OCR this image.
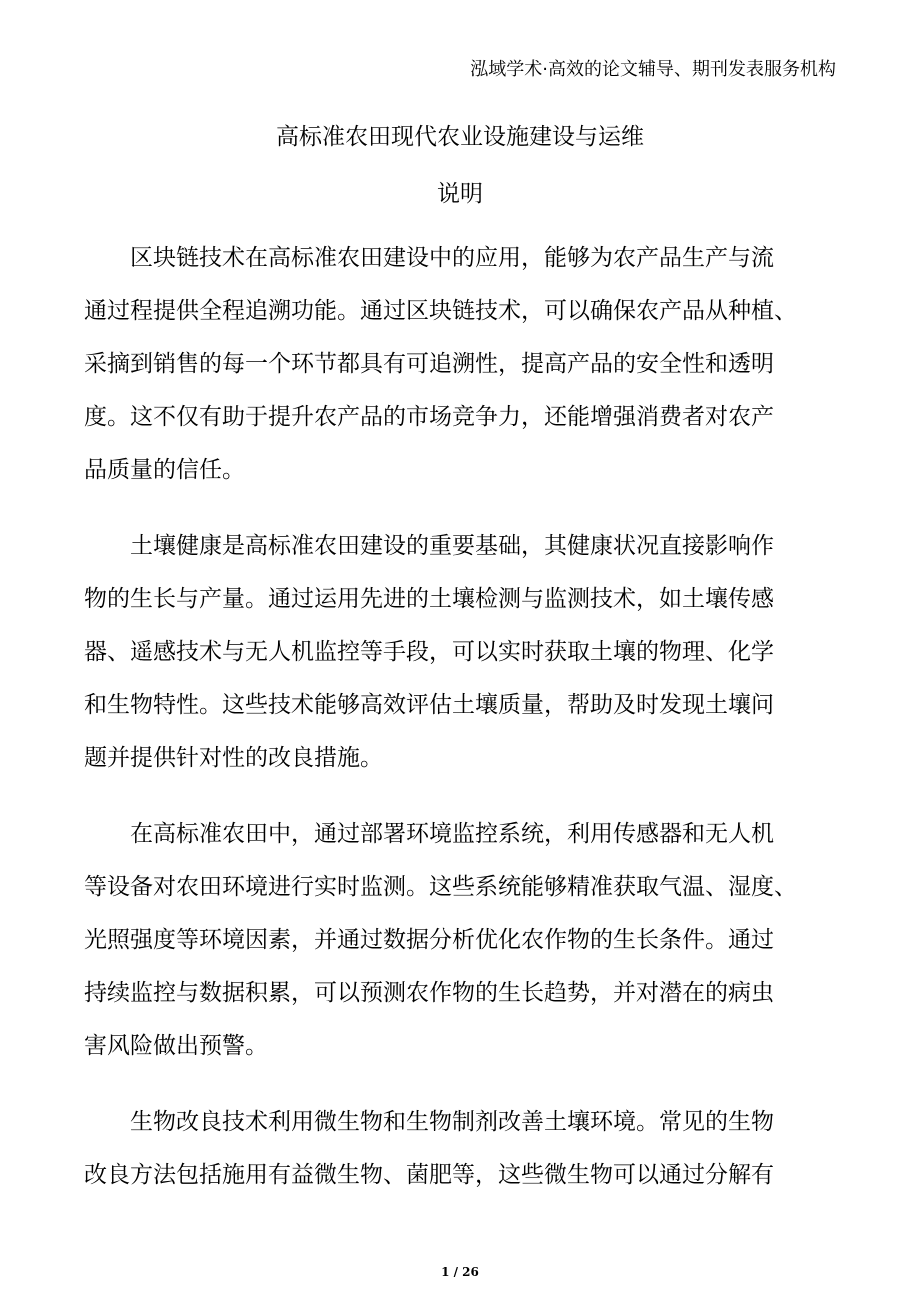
泓域学术·高效的论文辅导、期刊发表服务机构
高标准农田现代农业设施建设与运维
说明
区块链技术在高标准农田建设中的应用，能够为农产品生产与流
通过程提供全程追溯功能。通过区块链技术，可以确保农产品从种植、
采摘到销售的每一个环节都具有可追溯性，提高产品的安全性和透明
度。这不仅有助于提升农产品的市场竞争力，还能增强消费者对农产
品质量的信任。
土壤健康是高标准农田建设的重要基础，其健康状况直接影响作
物的生长与产量。通过运用先进的土壤检测与监测技术，如土壤传感
器、遥感技术与无人机监控等手段，可以实时获取土壤的物理、化学
和生物特性。这些技术能够高效评估土壤质量，帮助及时发现土壤问
题并提供针对性的改良措施。
在高标准农田中，通过部署环境监控系统，利用传感器和无人机
等设备对农田环境进行实时监测。这些系统能够精准获取气温、湿度、
光照强度等环境因素，并通过数据分析优化农作物的生长条件。通过
持续监控与数据积累，可以预测农作物的生长趋势，并对潜在的病虫
害风险做出预警。
生物改良技术利用微生物和生物制剂改善土壤环境。常见的生物
改良方法包括施用有益微生物、菌肥等，这些微生物可以通过分解有
1 / 26
